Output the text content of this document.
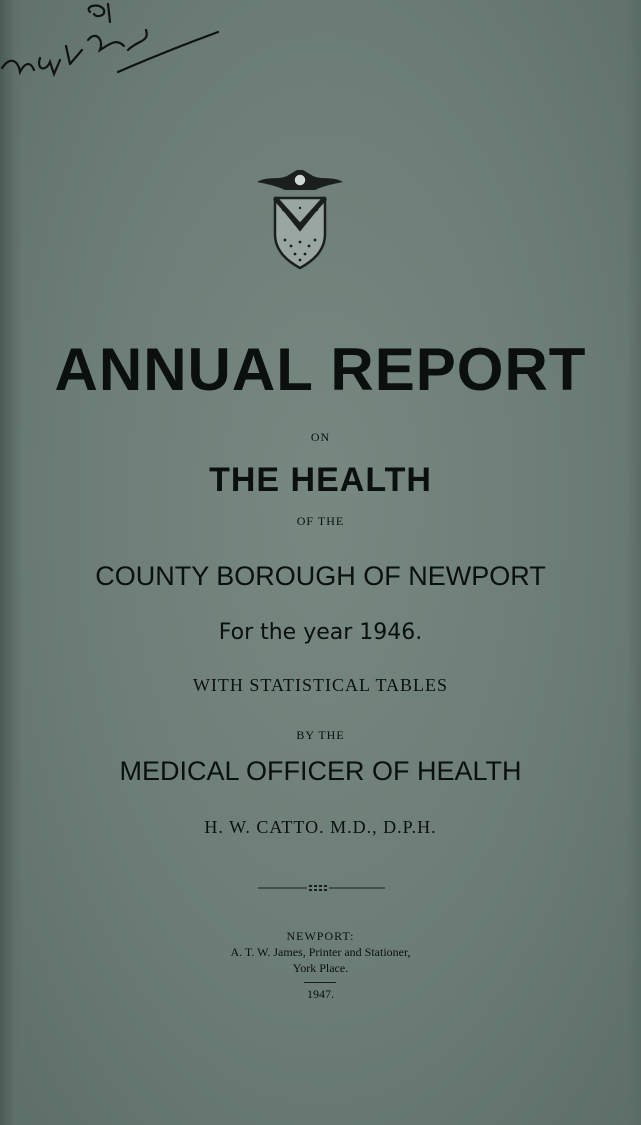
ANNUAL REPORT
ON
THE HEALTH
OF THE
COUNTY BOROUGH OF NEWPORT
For the year 1946.
WITH STATISTICAL TABLES
BY THE
MEDICAL OFFICER OF HEALTH
H. W. CATTO. M.D., D.P.H.
NEWPORT:
A. T. W. James, Printer and Stationer,
York Place.
1947.
